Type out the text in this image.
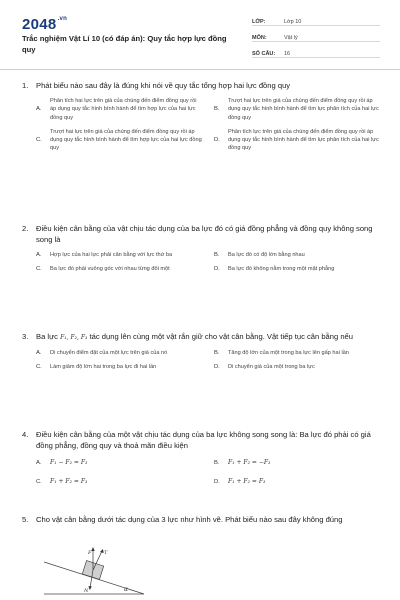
$2048^{.vn}$
Trắc nghiệm Vật Lí 10 (có đáp án): Quy tắc hợp lực đồng quy
LỚP:	Lớp 10
MÔN:	Vật lý
SỐ CÂU:	16
1.	Phát biểu nào sau đây là đúng khi nói về quy tắc tổng hợp hai lực đồng quy
A.
Phân tích hai lực trên giá của chúng đến điểm đồng quy rồi áp dụng quy tắc hình bình hành để tìm hợp lực của hai lực đồng quy
B.
Trượt hai lực trên giá của chúng đến điểm đồng quy rồi áp dụng quy tắc hình bình hành để tìm lực phân tích của hai lực đồng quy
C.
Trượt hai lực trên giá của chúng đến điểm đồng quy rồi áp dụng quy tắc hình bình hành để tìm hợp lực của hai lực đồng quy
D.
Phân tích lực trên giá của chúng đến điểm đồng quy rồi áp dụng quy tắc hình bình hành để tìm lực phân tích của hai lực đồng quy
2.	Điều kiện cân bằng của vật chịu tác dụng của ba lực đó có giá đồng phẳng và đồng quy không song song là
A.	Hợp lực của hai lực phải cân bằng với lực thứ ba	B.	Ba lực đó có độ lớn bằng nhau
C.	Ba lực đó phải vuông góc với nhau từng đôi một	D.	Ba lực đó không nằm trong một mặt phẳng
3.	Ba lực F₁, F₂, F₃ tác dụng lên cùng một vật rắn giữ cho vật cân bằng. Vật tiếp tục cân bằng nếu
A.	Di chuyển điểm đặt của một lực trên giá của nó	B.	Tăng độ lớn của một trong ba lực lên gấp hai lần
C.	Làm giảm độ lớn hai trong ba lực đi hai lần	D.	Di chuyển giá của một trong ba lực
4.	Điều kiện cân bằng của một vật chịu tác dụng của ba lực không song song là: Ba lực đó phải có giá đồng phẳng, đồng quy và thoả mãn điều kiện
A.	F₁ − F₂ = F₃	B.	F₁ + F₂ = −F₃
C.	F₁ + F₂ = F₃	D.	F₁ + F₂ = F₃
5.	Cho vật cân bằng dưới tác dụng của 3 lực như hình vẽ. Phát biểu nào sau đây không đúng
F	T
N	α
